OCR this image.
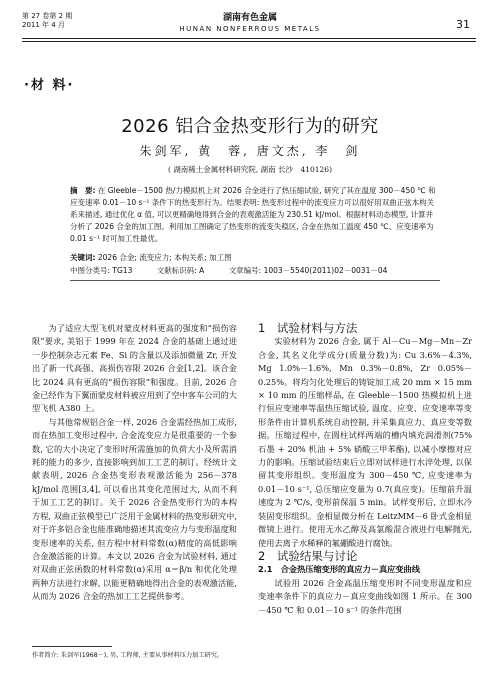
第 27 卷第 2 期
2011 年 4 月
湖南有色金属
HUNAN NONFERROUS METALS	31
·材 料·
2026 铝合金热变形行为的研究
朱剑军, 黄　蓉, 唐文杰, 李　剑
( 湖南稀土金属材料研究院, 湖南 长沙　410126)
摘　要: 在 Gleeble－1500 热/力模拟机上对 2026 合金进行了热压缩试验, 研究了其在温度 300－450 ℃ 和应变速率 0.01－10 s⁻¹ 条件下的热变形行为。结果表明: 热变形过程中的流变应力可以很好用双曲正弦本构关系来描述, 通过优化 α 值, 可以更精确地得到合金的表观激活能为 230.51 kJ/mol。根据材料动态模型, 计算并分析了 2026 合金的加工图。利用加工图确定了热变形的流变失稳区, 合金在热加工温度 450 ℃、应变速率为 0.01 s⁻¹ 时可加工性最优。
关键词: 2026 合金; 流变应力; 本构关系; 加工图
中图分类号: TG13	文献标识码: A	文章编号: 1003－5540(2011)02－0031－04

为了适应大型飞机对蒙皮材料更高的强度和“损伤容限”要求, 美铝于 1999 年在 2024 合金的基础上通过进一步控制杂志元素 Fe、Si 的含量以及添加微量 Zr, 开发出了新一代高强、高损伤容限 2026 合金[1,2]。该合金比 2024 具有更高的“损伤容限”和强度。目前, 2026 合金已经作为下翼面蒙皮材料被应用到了空中客车公司的大型飞机 A380 上。

与其他常规铝合金一样, 2026 合金需经热加工成形, 而在热加工变形过程中, 合金流变应力是很重要的一个参数, 它的大小决定了变形时所需施加的负荷大小及所需消耗的能力的多少, 直接影响到加工工艺的制订。经统计文献表明, 2026 合金热变形表观激活能为 256－378 kJ/mol 范围[3,4], 可以看出其变化范围过大, 从而不利于加工工艺的制订。关于 2026 合金热变形行为的本构方程, 双曲正弦模型已广泛用于金属材料的热变形研究中, 对于许多铝合金也能准确地描述其流变应力与变形温度和变形速率的关系, 但方程中材料常数(α)精度的高低影响合金激活能的计算。本文以 2026 合金为试验材料, 通过对双曲正弦函数的材料常数(α)采用 α＝β/n 和优化处理两种方法进行求解, 以能更精确地得出合金的表观激活能, 从而为 2026 合金的热加工工艺提供参考。

1　试验材料与方法

实验材料为 2026 合金, 属于 Al－Cu－Mg－Mn－Zr 合金, 其名义化学成分(质量分数)为: Cu 3.6%－4.3%, Mg 1.0%－1.6%, Mn 0.3%－0.8%, Zr 0.05%－0.25%。将均匀化处理后的铸锭加工成 20 mm × 15 mm × 10 mm 的压缩样品, 在 Gleeble－1500 热模拟机上进行恒应变速率等温热压缩试验, 温度、应变、应变速率等变形条件由计算机系统自动控制, 并采集真应力、真应变等数据。压缩过程中, 在圆柱试样两端的槽内填充润滑剂(75% 石墨 + 20% 机油 + 5% 硝酸三甲苯酯), 以减小摩擦对应力的影响。压缩试验结束后立即对试样进行水淬处理, 以保留其变形组织。变形温度为 300－450 ℃, 应变速率为 0.01－10 s⁻¹, 总压缩应变量为 0.7(真应变)。压缩前升温速度为 2 ℃/s, 变形前保温 5 min。试样变形后, 立即水冷装固变形组织。金相显微分析在 LeitzMM－6 卧式金相显微镜上进行。使用无水乙醇及高氯酸混合液进行电解抛光, 使用去离子水稀释的氟硼酸进行腐蚀。

2　试验结果与讨论

2.1　合金热压缩变形的真应力－真应变曲线

试验用 2026 合金高温压缩变形时不同变形温度和应变速率条件下的真应力－真应变曲线如图 1 所示。在 300－450 ℃ 和 0.01－10 s⁻¹ 的条件范围

作者简介: 朱剑军(1968－), 男, 工程师, 主要从事材料压力加工研究。
